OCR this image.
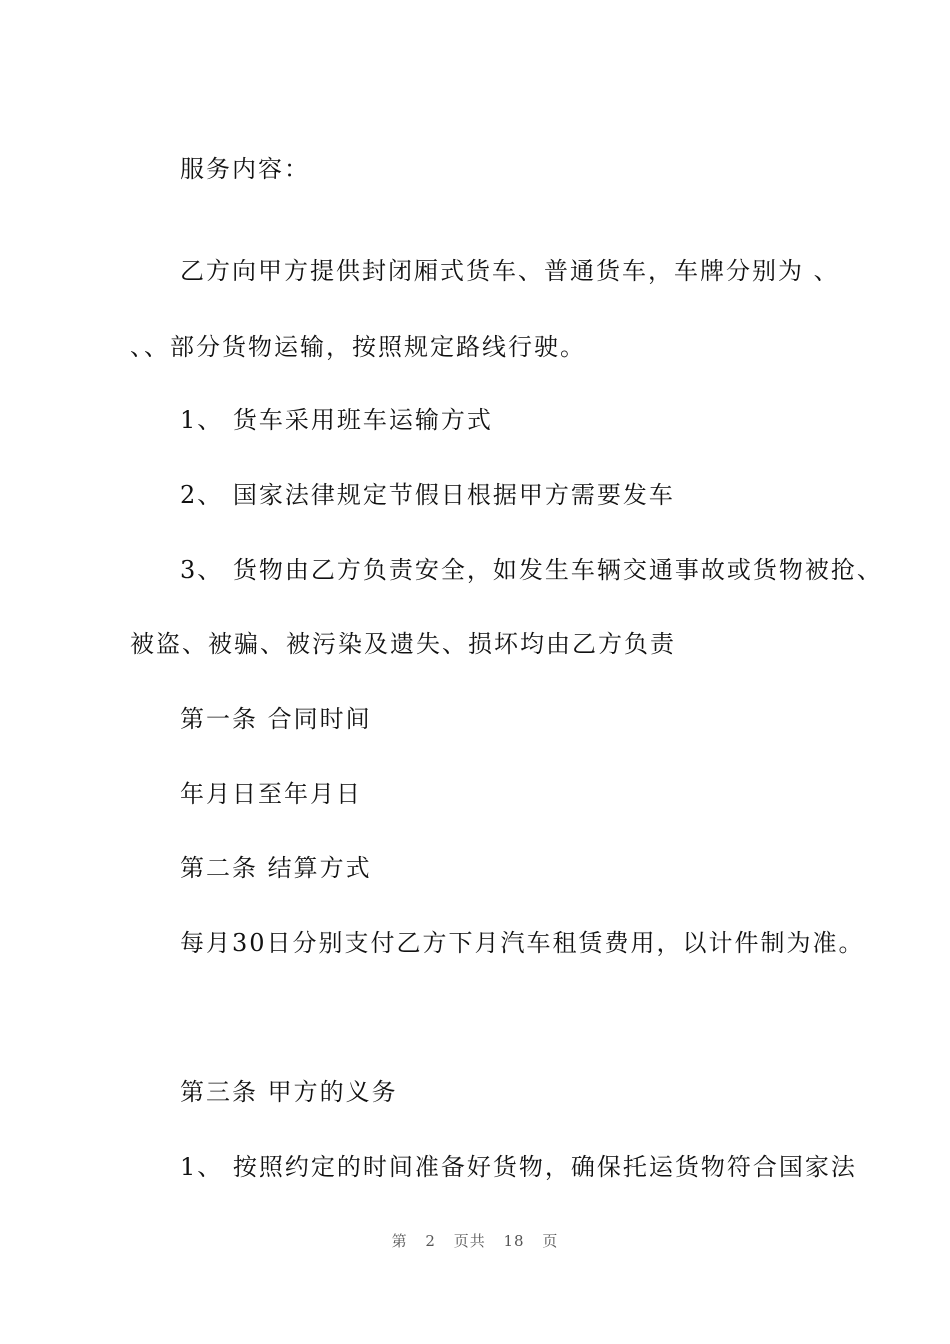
服务内容：
乙方向甲方提供封闭厢式货车、普通货车，车牌分别为 、
、、部分货物运输，按照规定路线行驶。
1、 货车采用班车运输方式
2、 国家法律规定节假日根据甲方需要发车
3、 货物由乙方负责安全，如发生车辆交通事故或货物被抢、
被盗、被骗、被污染及遗失、损坏均由乙方负责
第一条 合同时间
年月日至年月日
第二条 结算方式
每月30日分别支付乙方下月汽车租赁费用，以计件制为准。
第三条 甲方的义务
1、 按照约定的时间准备好货物，确保托运货物符合国家法
第 2 页共 18 页
